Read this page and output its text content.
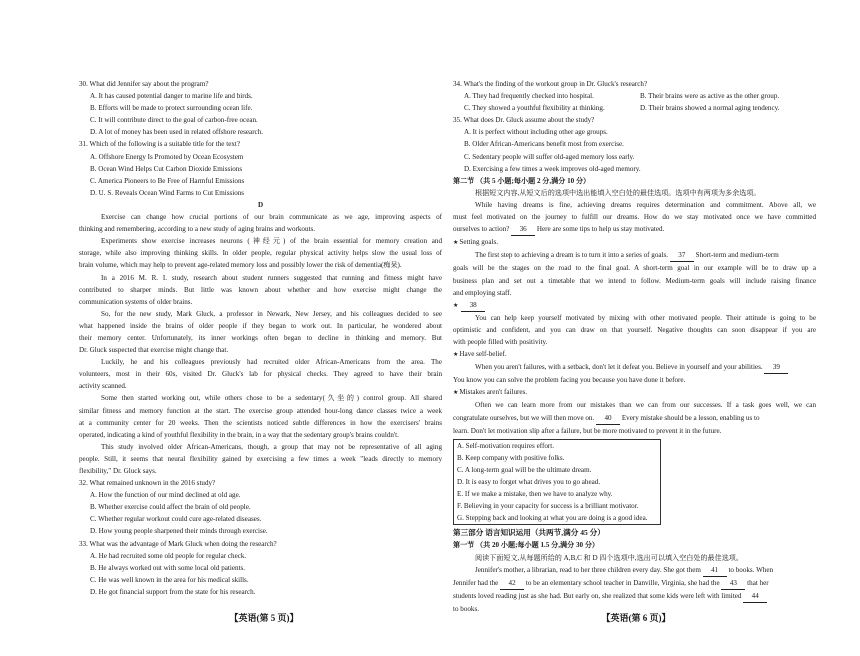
30. What did Jennifer say about the program?
A. It has caused potential danger to marine life and birds.
B. Efforts will be made to protect surrounding ocean life.
C. It will contribute direct to the goal of carbon-free ocean.
D. A lot of money has been used in related offshore research.
31. Which of the following is a suitable title for the text?
A. Offshore Energy Is Promoted by Ocean Ecosystem
B. Ocean Wind Helps Cut Carbon Dioxide Emissions
C. America Pioneers to Be Free of Harmful Emissions
D. U. S. Reveals Ocean Wind Farms to Cut Emissions
D
Exercise can change how crucial portions of our brain communicate as we age, improving aspects of
thinking and remembering, according to a new study of aging brains and workouts.
Experiments show exercise increases neurons (神经元) of the brain essential for memory creation and
storage, while also improving thinking skills. In older people, regular physical activity helps slow the usual loss of
brain volume, which may help to prevent age-related memory loss and possibly lower the risk of dementia(痴呆).
In a 2016 M. R. I. study, research about student runners suggested that running and fitness might have
contributed to sharper minds. But little was known about whether and how exercise might change the
communication systems of older brains.
So, for the new study, Mark Gluck, a professor in Newark, New Jersey, and his colleagues decided to see
what happened inside the brains of older people if they began to work out. In particular, he wondered about
their memory center. Unfortunately, its inner workings often began to decline in thinking and memory. But
Dr. Gluck suspected that exercise might change that.
Luckily, he and his colleagues previously had recruited older African-Americans from the area. The
volunteers, most in their 60s, visited Dr. Gluck's lab for physical checks. They agreed to have their brain
activity scanned.
Some then started working out, while others chose to be a sedentary(久坐的) control group. All shared
similar fitness and memory function at the start. The exercise group attended hour-long dance classes twice a week
at a community center for 20 weeks. Then the scientists noticed subtle differences in how the exercisers' brains
operated, indicating a kind of youthful flexibility in the brain, in a way that the sedentary group's brains couldn't.
This study involved older African-Americans, though, a group that may not be representative of all aging
people. Still, it seems that neural flexibility gained by exercising a few times a week "leads directly to memory
flexibility," Dr. Gluck says.
32. What remained unknown in the 2016 study?
A. How the function of our mind declined at old age.
B. Whether exercise could affect the brain of old people.
C. Whether regular workout could cure age-related diseases.
D. How young people sharpened their minds through exercise.
33. What was the advantage of Mark Gluck when doing the research?
A. He had recruited some old people for regular check.
B. He always worked out with some local old patients.
C. He was well known in the area for his medical skills.
D. He got financial support from the state for his research.
34. What's the finding of the workout group in Dr. Gluck's research?
A. They had frequently checked into hospital.	B. Their brains were as active as the other group.
C. They showed a youthful flexibility at thinking.	D. Their brains showed a normal aging tendency.
35. What does Dr. Gluck assume about the study?
A. It is perfect without including other age groups.
B. Older African-Americans benefit most from exercise.
C. Sedentary people will suffer old-aged memory loss early.
D. Exercising a few times a week improves old-aged memory.
第二节 （共 5 小题;每小题 2 分,满分 10 分）
根据短文内容,从短文后的选项中选出能填入空白处的最佳选项。选项中有两项为多余选项。
While having dreams is fine, achieving dreams requires determination and commitment. Above all, we
must feel motivated on the journey to fulfill our dreams. How do we stay motivated once we have committed
ourselves to action? 36 Here are some tips to help us stay motivated.
★ Setting goals.
The first step to achieving a dream is to turn it into a series of goals. 37 Short-term and medium-term
goals will be the stages on the road to the final goal. A short-term goal in our example will be to draw up a
business plan and set out a timetable that we intend to follow. Medium-term goals will include raising finance
and employing staff.
★ 38
You can help keep yourself motivated by mixing with other motivated people. Their attitude is going to be
optimistic and confident, and you can draw on that yourself. Negative thoughts can soon disappear if you are
with people filled with positivity.
★ Have self-belief.
When you aren't failures, with a setback, don't let it defeat you. Believe in yourself and your abilities. 39
You know you can solve the problem facing you because you have done it before.
★ Mistakes aren't failures.
Often we can learn more from our mistakes than we can from our successes. If a task goes well, we can
congratulate ourselves, but we will then move on. 40 Every mistake should be a lesson, enabling us to
learn. Don't let motivation slip after a failure, but be more motivated to prevent it in the future.
A. Self-motivation requires effort.
B. Keep company with positive folks.
C. A long-term goal will be the ultimate dream.
D. It is easy to forget what drives you to go ahead.
E. If we make a mistake, then we have to analyze why.
F. Believing in your capacity for success is a brilliant motivator.
G. Stepping back and looking at what you are doing is a good idea.
第三部分 语言知识运用（共两节,满分 45 分）
第一节 （共 20 小题;每小题 1.5 分,满分 30 分）
阅读下面短文,从每题所给的 A,B,C 和 D 四个选项中,选出可以填入空白处的最佳选项。
Jennifer's mother, a librarian, read to her three children every day. She got them 41 to books. When
Jennifer had the 42 to be an elementary school teacher in Danville, Virginia, she had the 43 that her
students loved reading just as she had. But early on, she realized that some kids were left with limited 44
to books.
【英语(第 5 页)】	【英语(第 6 页)】
